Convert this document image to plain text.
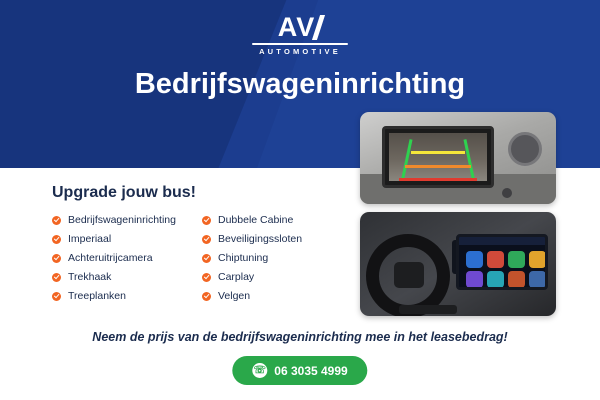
AV
AUTOMOTIVE
Bedrijfswageninrichting
Upgrade jouw bus!
Bedrijfswageninrichting
Imperiaal
Achteruitrijcamera
Trekhaak
Treeplanken
Dubbele Cabine
Beveiligingssloten
Chiptuning
Carplay
Velgen
Neem de prijs van de bedrijfswageninrichting mee in het leasebedrag!
☏ 06 3035 4999
